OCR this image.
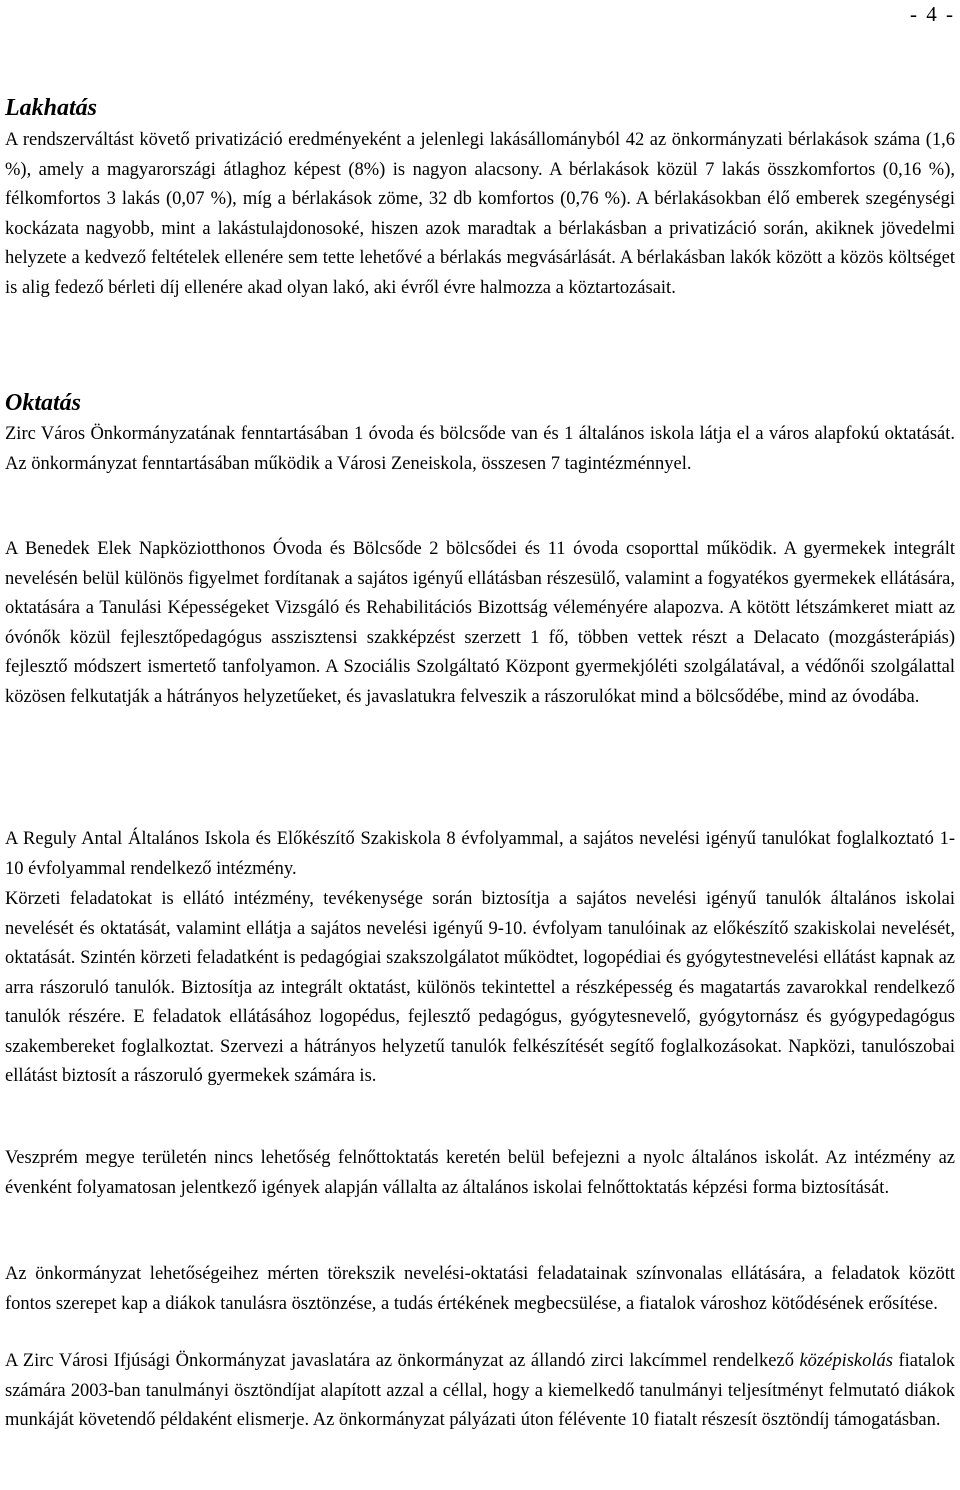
- 4 -
Lakhatás

A rendszerváltást követő privatizáció eredményeként a jelenlegi lakásállományból 42 az önkormányzati bérlakások száma (1,6 %), amely a magyarországi átlaghoz képest (8%) is nagyon alacsony. A bérlakások közül 7 lakás összkomfortos (0,16 %), félkomfortos 3 lakás (0,07 %), míg a bérlakások zöme, 32 db komfortos (0,76 %). A bérlakásokban élő emberek szegénységi kockázata nagyobb, mint a lakástulajdonosoké, hiszen azok maradtak a bérlakásban a privatizáció során, akiknek jövedelmi helyzete a kedvező feltételek ellenére sem tette lehetővé a bérlakás megvásárlását. A bérlakásban lakók között a közös költséget is alig fedező bérleti díj ellenére akad olyan lakó, aki évről évre halmozza a köztartozásait.

Oktatás

Zirc Város Önkormányzatának fenntartásában 1 óvoda és bölcsőde van és 1 általános iskola látja el a város alapfokú oktatását. Az önkormányzat fenntartásában működik a Városi Zeneiskola, összesen 7 tagintézménnyel.

A Benedek Elek Napköziotthonos Óvoda és Bölcsőde 2 bölcsődei és 11 óvoda csoporttal működik. A gyermekek integrált nevelésén belül különös figyelmet fordítanak a sajátos igényű ellátásban részesülő, valamint a fogyatékos gyermekek ellátására, oktatására a Tanulási Képességeket Vizsgáló és Rehabilitációs Bizottság véleményére alapozva. A kötött létszámkeret miatt az óvónők közül fejlesztőpedagógus asszisztensi szakképzést szerzett 1 fő, többen vettek részt a Delacato (mozgásterápiás) fejlesztő módszert ismertető tanfolyamon. A Szociális Szolgáltató Központ gyermekjóléti szolgálatával, a védőnői szolgálattal közösen felkutatják a hátrányos helyzetűeket, és javaslatukra felveszik a rászorulókat mind a bölcsődébe, mind az óvodába.

A Reguly Antal Általános Iskola és Előkészítő Szakiskola 8 évfolyammal, a sajátos nevelési igényű tanulókat foglalkoztató 1-10 évfolyammal rendelkező intézmény.

Körzeti feladatokat is ellátó intézmény, tevékenysége során biztosítja a sajátos nevelési igényű tanulók általános iskolai nevelését és oktatását, valamint ellátja a sajátos nevelési igényű 9-10. évfolyam tanulóinak az előkészítő szakiskolai nevelését, oktatását. Szintén körzeti feladatként is pedagógiai szakszolgálatot működtet, logopédiai és gyógytestnevelési ellátást kapnak az arra rászoruló tanulók. Biztosítja az integrált oktatást, különös tekintettel a részképesség és magatartás zavarokkal rendelkező tanulók részére. E feladatok ellátásához logopédus, fejlesztő pedagógus, gyógytesnevelő, gyógytornász és gyógypedagógus szakembereket foglalkoztat. Szervezi a hátrányos helyzetű tanulók felkészítését segítő foglalkozásokat. Napközi, tanulószobai ellátást biztosít a rászoruló gyermekek számára is.

Veszprém megye területén nincs lehetőség felnőttoktatás keretén belül befejezni a nyolc általános iskolát. Az intézmény az évenként folyamatosan jelentkező igények alapján vállalta az általános iskolai felnőttoktatás képzési forma biztosítását.

Az önkormányzat lehetőségeihez mérten törekszik nevelési-oktatási feladatainak színvonalas ellátására, a feladatok között fontos szerepet kap a diákok tanulásra ösztönzése, a tudás értékének megbecsülése, a fiatalok városhoz kötődésének erősítése.

A Zirc Városi Ifjúsági Önkormányzat javaslatára az önkormányzat az állandó zirci lakcímmel rendelkező középiskolás fiatalok számára 2003-ban tanulmányi ösztöndíjat alapított azzal a céllal, hogy a kiemelkedő tanulmányi teljesítményt felmutató diákok munkáját követendő példaként elismerje. Az önkormányzat pályázati úton félévente 10 fiatalt részesít ösztöndíj támogatásban.
